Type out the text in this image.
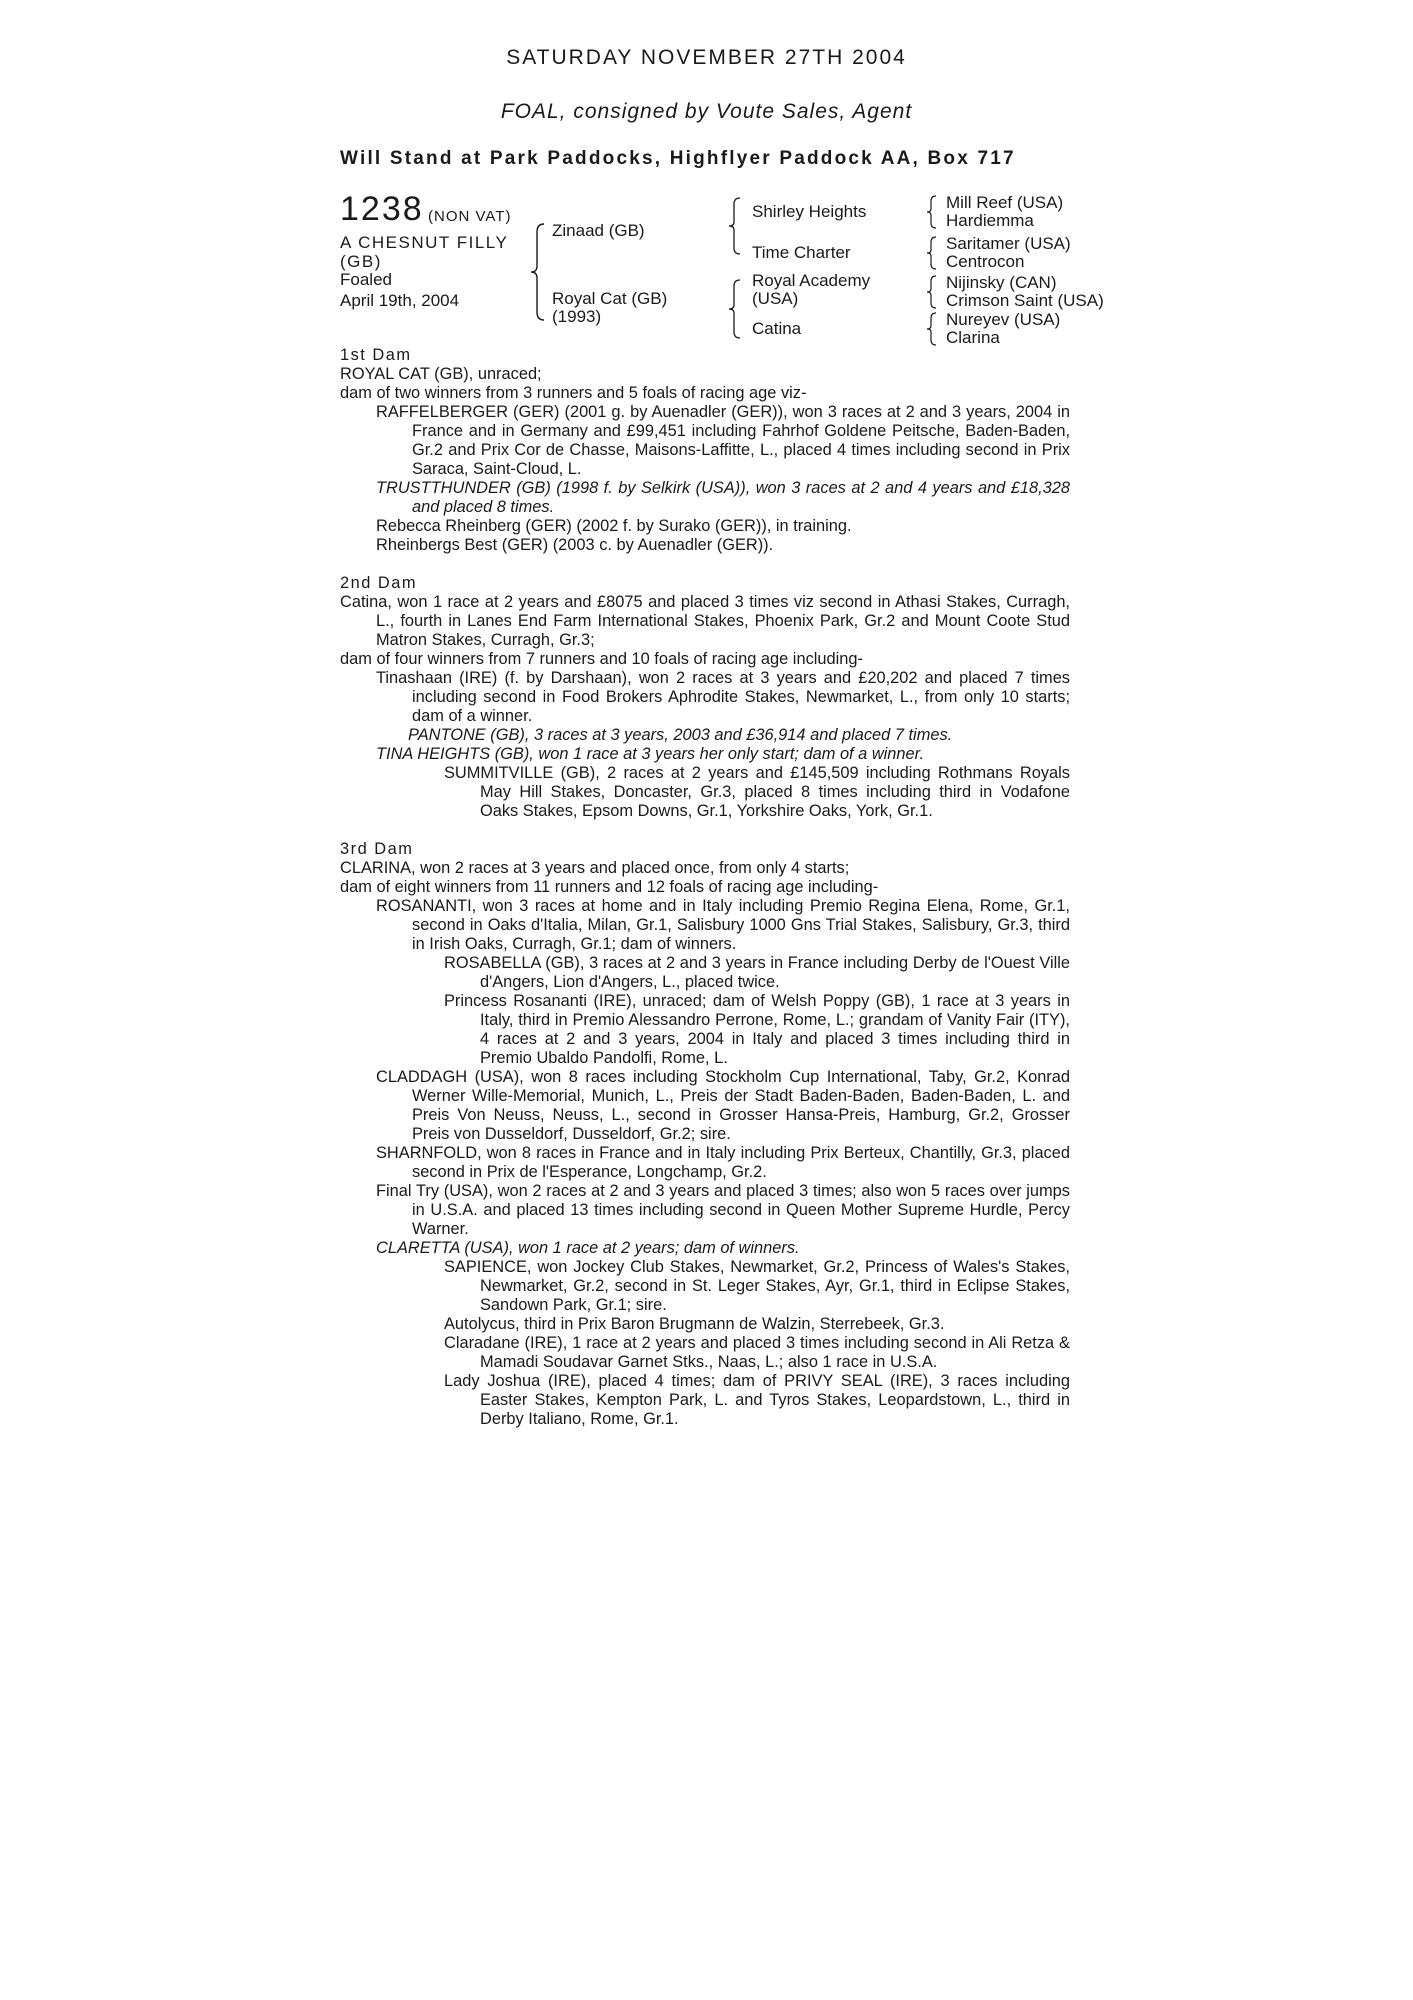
SATURDAY NOVEMBER 27TH 2004
FOAL, consigned by Voute Sales, Agent
Will Stand at Park Paddocks, Highflyer Paddock AA, Box 717
1238 (NON VAT)
A CHESNUT FILLY (GB)
Foaled
April 19th, 2004
Zinaad (GB)
Royal Cat (GB) (1993)
Shirley Heights
Time Charter
Royal Academy (USA)
Catina
Mill Reef (USA)
Hardiemma
Saritamer (USA)
Centrocon
Nijinsky (CAN)
Crimson Saint (USA)
Nureyev (USA)
Clarina

1st Dam

ROYAL CAT (GB), unraced;

dam of two winners from 3 runners and 5 foals of racing age viz-

RAFFELBERGER (GER) (2001 g. by Auenadler (GER)), won 3 races at 2 and 3 years, 2004 in France and in Germany and £99,451 including Fahrhof Goldene Peitsche, Baden-Baden, Gr.2 and Prix Cor de Chasse, Maisons-Laffitte, L., placed 4 times including second in Prix Saraca, Saint-Cloud, L.

TRUSTTHUNDER (GB) (1998 f. by Selkirk (USA)), won 3 races at 2 and 4 years and £18,328 and placed 8 times.

Rebecca Rheinberg (GER) (2002 f. by Surako (GER)), in training.

Rheinbergs Best (GER) (2003 c. by Auenadler (GER)).

2nd Dam

Catina, won 1 race at 2 years and £8075 and placed 3 times viz second in Athasi Stakes, Curragh, L., fourth in Lanes End Farm International Stakes, Phoenix Park, Gr.2 and Mount Coote Stud Matron Stakes, Curragh, Gr.3;

dam of four winners from 7 runners and 10 foals of racing age including-

Tinashaan (IRE) (f. by Darshaan), won 2 races at 3 years and £20,202 and placed 7 times including second in Food Brokers Aphrodite Stakes, Newmarket, L., from only 10 starts; dam of a winner.

PANTONE (GB), 3 races at 3 years, 2003 and £36,914 and placed 7 times.

TINA HEIGHTS (GB), won 1 race at 3 years her only start; dam of a winner.

SUMMITVILLE (GB), 2 races at 2 years and £145,509 including Rothmans Royals May Hill Stakes, Doncaster, Gr.3, placed 8 times including third in Vodafone Oaks Stakes, Epsom Downs, Gr.1, Yorkshire Oaks, York, Gr.1.

3rd Dam

CLARINA, won 2 races at 3 years and placed once, from only 4 starts;

dam of eight winners from 11 runners and 12 foals of racing age including-

ROSANANTI, won 3 races at home and in Italy including Premio Regina Elena, Rome, Gr.1, second in Oaks d'Italia, Milan, Gr.1, Salisbury 1000 Gns Trial Stakes, Salisbury, Gr.3, third in Irish Oaks, Curragh, Gr.1; dam of winners.

ROSABELLA (GB), 3 races at 2 and 3 years in France including Derby de l'Ouest Ville d'Angers, Lion d'Angers, L., placed twice.

Princess Rosananti (IRE), unraced; dam of Welsh Poppy (GB), 1 race at 3 years in Italy, third in Premio Alessandro Perrone, Rome, L.; grandam of Vanity Fair (ITY), 4 races at 2 and 3 years, 2004 in Italy and placed 3 times including third in Premio Ubaldo Pandolfi, Rome, L.

CLADDAGH (USA), won 8 races including Stockholm Cup International, Taby, Gr.2, Konrad Werner Wille-Memorial, Munich, L., Preis der Stadt Baden-Baden, Baden-Baden, L. and Preis Von Neuss, Neuss, L., second in Grosser Hansa-Preis, Hamburg, Gr.2, Grosser Preis von Dusseldorf, Dusseldorf, Gr.2; sire.

SHARNFOLD, won 8 races in France and in Italy including Prix Berteux, Chantilly, Gr.3, placed second in Prix de l'Esperance, Longchamp, Gr.2.

Final Try (USA), won 2 races at 2 and 3 years and placed 3 times; also won 5 races over jumps in U.S.A. and placed 13 times including second in Queen Mother Supreme Hurdle, Percy Warner.

CLARETTA (USA), won 1 race at 2 years; dam of winners.

SAPIENCE, won Jockey Club Stakes, Newmarket, Gr.2, Princess of Wales's Stakes, Newmarket, Gr.2, second in St. Leger Stakes, Ayr, Gr.1, third in Eclipse Stakes, Sandown Park, Gr.1; sire.

Autolycus, third in Prix Baron Brugmann de Walzin, Sterrebeek, Gr.3.

Claradane (IRE), 1 race at 2 years and placed 3 times including second in Ali Retza & Mamadi Soudavar Garnet Stks., Naas, L.; also 1 race in U.S.A.

Lady Joshua (IRE), placed 4 times; dam of PRIVY SEAL (IRE), 3 races including Easter Stakes, Kempton Park, L. and Tyros Stakes, Leopardstown, L., third in Derby Italiano, Rome, Gr.1.
